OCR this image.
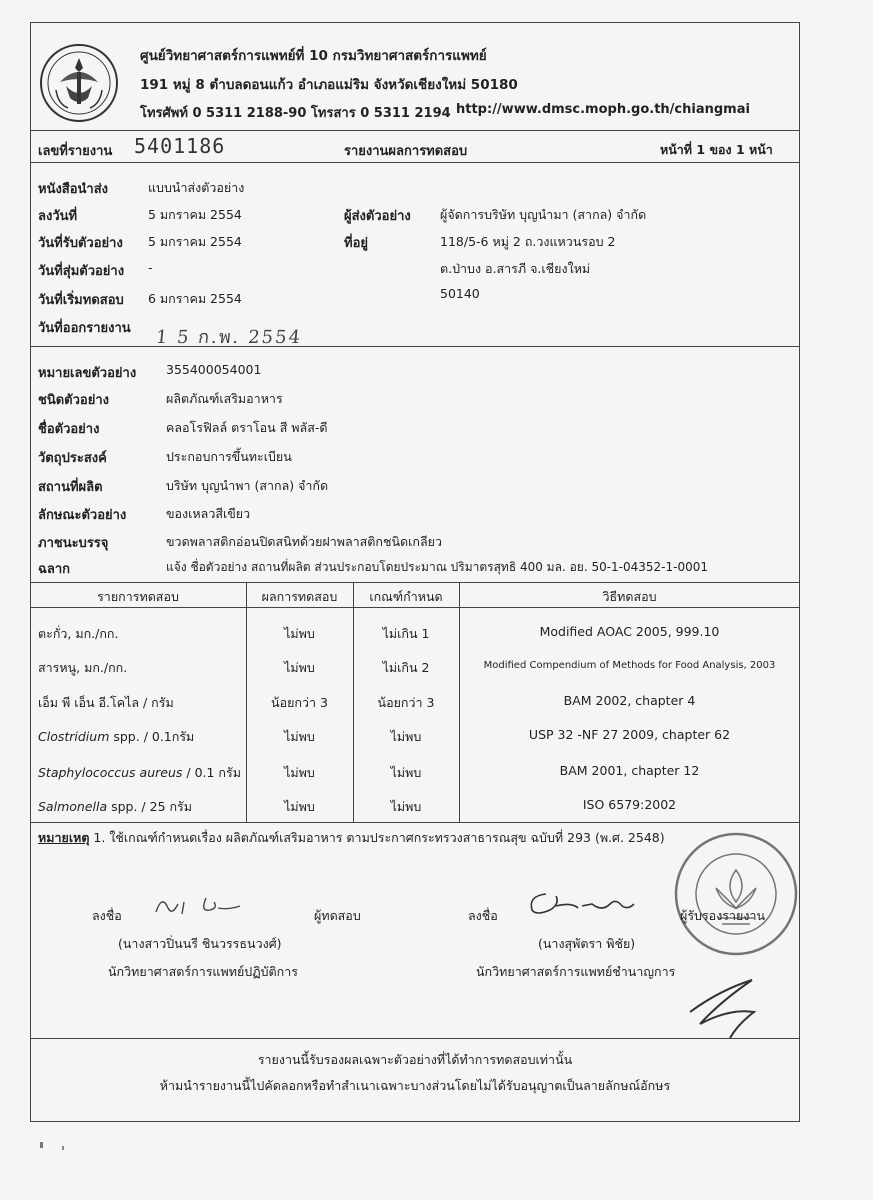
ศูนย์วิทยาศาสตร์การแพทย์ที่ 10 กรมวิทยาศาสตร์การแพทย์
191 หมู่ 8 ตำบลดอนแก้ว อำเภอแม่ริม จังหวัดเชียงใหม่ 50180
โทรศัพท์ 0 5311 2188-90 โทรสาร 0 5311 2194 http://www.dmsc.moph.go.th/chiangmai
เลขที่รายงาน 5401186	รายงานผลการทดสอบ	หน้าที่ 1 ของ 1 หน้า
หนังสือนำส่ง	แบบนำส่งตัวอย่าง
ลงวันที่	5 มกราคม 2554
วันที่รับตัวอย่าง 5 มกราคม 2554
วันที่สุ่มตัวอย่าง -
วันที่เริ่มทดสอบ 6 มกราคม 2554
วันที่ออกรายงาน 1 5 ก.พ. 2554
ผู้ส่งตัวอย่าง ผู้จัดการบริษัท บุญนำมา (สากล) จำกัด
ที่อยู่	118/5-6 หมู่ 2 ถ.วงแหวนรอบ 2
ต.ป่าบง อ.สารภี จ.เชียงใหม่
50140
หมายเลขตัวอย่าง 355400054001
ชนิดตัวอย่าง	ผลิตภัณฑ์เสริมอาหาร
ชื่อตัวอย่าง	คลอโรฟิลล์ ตราโอน สี พลัส-ดี
วัตถุประสงค์	ประกอบการขึ้นทะเบียน
สถานที่ผลิต	บริษัท บุญนำพา (สากล) จำกัด
ลักษณะตัวอย่าง	ของเหลวสีเขียว
ภาชนะบรรจุ	ขวดพลาสติกอ่อนปิดสนิทด้วยฝาพลาสติกชนิดเกลียว
ฉลาก	แจ้ง ชื่อตัวอย่าง สถานที่ผลิต ส่วนประกอบโดยประมาณ ปริมาตรสุทธิ 400 มล. อย. 50-1-04352-1-0001
รายการทดสอบ	ผลการทดสอบ	เกณฑ์กำหนด	วิธีทดสอบ
ตะกั่ว, มก./กก.	ไม่พบ	ไม่เกิน 1	Modified AOAC 2005, 999.10
สารหนู, มก./กก.	ไม่พบ	ไม่เกิน 2	Modified Compendium of Methods for Food Analysis, 2003
เอ็ม พี เอ็น อี.โคไล / กรัม	น้อยกว่า 3	น้อยกว่า 3	BAM 2002, chapter 4
Clostridium spp. / 0.1กรัม	ไม่พบ	ไม่พบ	USP 32 -NF 27 2009, chapter 62
Staphylococcus aureus / 0.1 กรัม	ไม่พบ	ไม่พบ	BAM 2001, chapter 12
Salmonella spp. / 25 กรัม	ไม่พบ	ไม่พบ	ISO 6579:2002
หมายเหตุ 1. ใช้เกณฑ์กำหนดเรื่อง ผลิตภัณฑ์เสริมอาหาร ตามประกาศกระทรวงสาธารณสุข ฉบับที่ 293 (พ.ศ. 2548)
ลงชื่อ	ผู้ทดสอบ
(นางสาวปิ่นนรี ชินวรรธนวงศ์)
นักวิทยาศาสตร์การแพทย์ปฏิบัติการ
ลงชื่อ	ผู้รับรองรายงาน
(นางสุพัตรา พิชัย)
นักวิทยาศาสตร์การแพทย์ชำนาญการ
รายงานนี้รับรองผลเฉพาะตัวอย่างที่ได้ทำการทดสอบเท่านั้น
ห้ามนำรายงานนี้ไปคัดลอกหรือทำสำเนาเฉพาะบางส่วนโดยไม่ได้รับอนุญาตเป็นลายลักษณ์อักษร
